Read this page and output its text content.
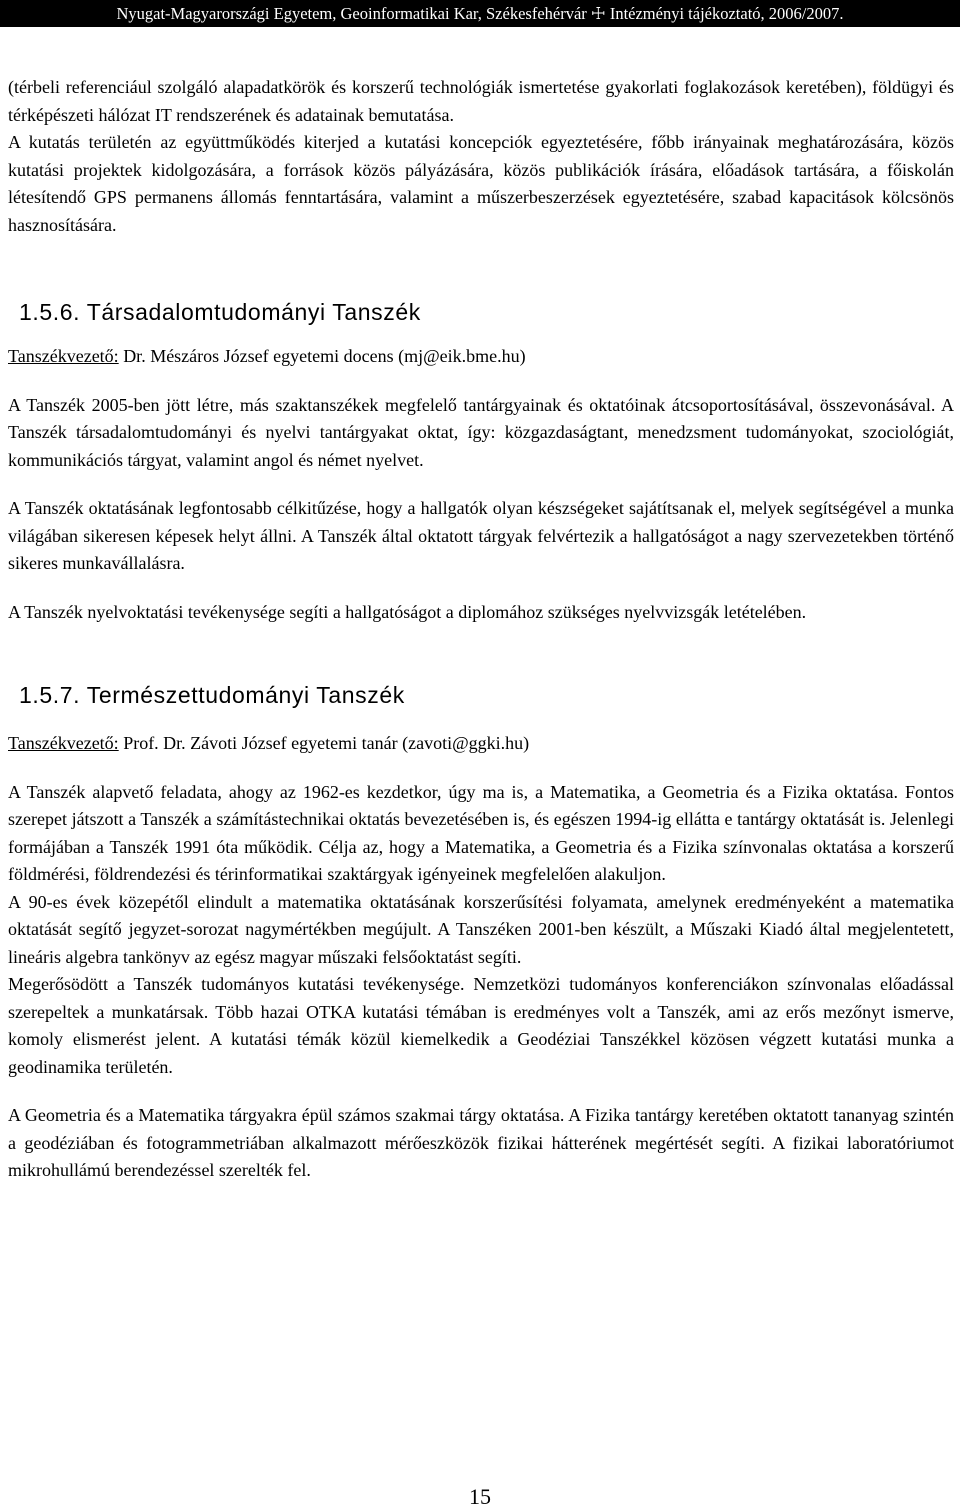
Nyugat-Magyarországi Egyetem, Geoinformatikai Kar, Székesfehérvár ☩ Intézményi tájékoztató, 2006/2007.

(térbeli referenciául szolgáló alapadatkörök és korszerű technológiák ismertetése gyakorlati foglakozások keretében), földügyi és térképészeti hálózat IT rendszerének és adatainak bemutatása.

A kutatás területén az együttműködés kiterjed a kutatási koncepciók egyeztetésére, főbb irányainak meghatározására, közös kutatási projektek kidolgozására, a források közös pályázására, közös publikációk írására, előadások tartására, a főiskolán létesítendő GPS permanens állomás fenntartására, valamint a műszerbeszerzések egyeztetésére, szabad kapacitások kölcsönös hasznosítására.

1.5.6. Társadalomtudományi Tanszék

Tanszékvezető: Dr. Mészáros József egyetemi docens (mj@eik.bme.hu)

A Tanszék 2005-ben jött létre, más szaktanszékek megfelelő tantárgyainak és oktatóinak átcsoportosításával, összevonásával. A Tanszék társadalomtudományi és nyelvi tantárgyakat oktat, így: közgazdaságtant, menedzsment tudományokat, szociológiát, kommunikációs tárgyat, valamint angol és német nyelvet.

A Tanszék oktatásának legfontosabb célkitűzése, hogy a hallgatók olyan készségeket sajátítsanak el, melyek segítségével a munka világában sikeresen képesek helyt állni. A Tanszék által oktatott tárgyak felvértezik a hallgatóságot a nagy szervezetekben történő sikeres munkavállalásra.

A Tanszék nyelvoktatási tevékenysége segíti a hallgatóságot a diplomához szükséges nyelvvizsgák letételében.

1.5.7. Természettudományi Tanszék

Tanszékvezető: Prof. Dr. Závoti József egyetemi tanár (zavoti@ggki.hu)

A Tanszék alapvető feladata, ahogy az 1962-es kezdetkor, úgy ma is, a Matematika, a Geometria és a Fizika oktatása. Fontos szerepet játszott a Tanszék a számítástechnikai oktatás bevezetésében is, és egészen 1994-ig ellátta e tantárgy oktatását is. Jelenlegi formájában a Tanszék 1991 óta működik. Célja az, hogy a Matematika, a Geometria és a Fizika színvonalas oktatása a korszerű földmérési, földrendezési és térinformatikai szaktárgyak igényeinek megfelelően alakuljon.

A 90-es évek közepétől elindult a matematika oktatásának korszerűsítési folyamata, amelynek eredményeként a matematika oktatását segítő jegyzet-sorozat nagymértékben megújult. A Tanszéken 2001-ben készült, a Műszaki Kiadó által megjelentetett, lineáris algebra tankönyv az egész magyar műszaki felsőoktatást segíti.

Megerősödött a Tanszék tudományos kutatási tevékenysége. Nemzetközi tudományos konferenciákon színvonalas előadással szerepeltek a munkatársak. Több hazai OTKA kutatási témában is eredményes volt a Tanszék, ami az erős mezőnyt ismerve, komoly elismerést jelent. A kutatási témák közül kiemelkedik a Geodéziai Tanszékkel közösen végzett kutatási munka a geodinamika területén.

A Geometria és a Matematika tárgyakra épül számos szakmai tárgy oktatása. A Fizika tantárgy keretében oktatott tananyag szintén a geodéziában és fotogrammetriában alkalmazott mérőeszközök fizikai hátterének megértését segíti. A fizikai laboratóriumot mikrohullámú berendezéssel szerelték fel.

15
